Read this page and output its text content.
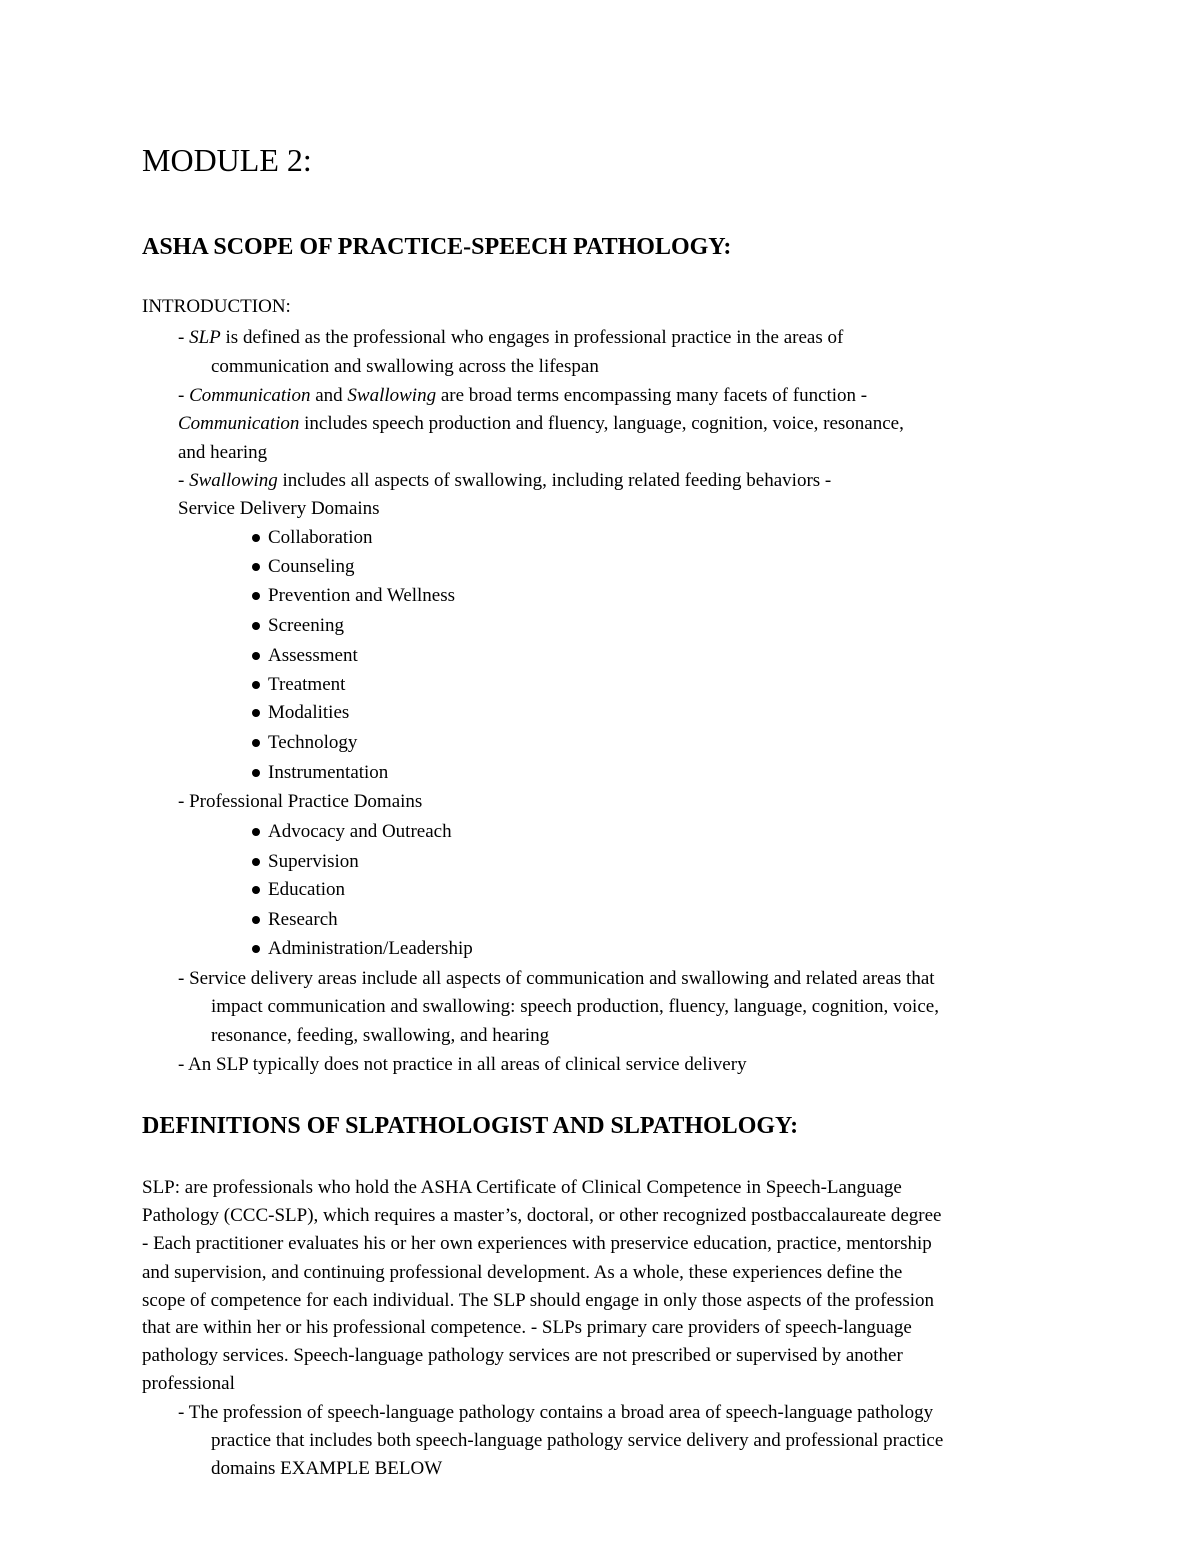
MODULE 2:
ASHA SCOPE OF PRACTICE-SPEECH PATHOLOGY:
INTRODUCTION:
- SLP is defined as the professional who engages in professional practice in the areas of
communication and swallowing across the lifespan
- Communication and Swallowing are broad terms encompassing many facets of function -
Communication includes speech production and fluency, language, cognition, voice, resonance,
and hearing
- Swallowing includes all aspects of swallowing, including related feeding behaviors -
Service Delivery Domains
Collaboration
Counseling
Prevention and Wellness
Screening
Assessment
Treatment
Modalities
Technology
Instrumentation
- Professional Practice Domains
Advocacy and Outreach
Supervision
Education
Research
Administration/Leadership
- Service delivery areas include all aspects of communication and swallowing and related areas that
impact communication and swallowing: speech production, fluency, language, cognition, voice,
resonance, feeding, swallowing, and hearing
- An SLP typically does not practice in all areas of clinical service delivery
DEFINITIONS OF SLPATHOLOGIST AND SLPATHOLOGY:
SLP: are professionals who hold the ASHA Certificate of Clinical Competence in Speech-Language
Pathology (CCC-SLP), which requires a master’s, doctoral, or other recognized postbaccalaureate degree
- Each practitioner evaluates his or her own experiences with preservice education, practice, mentorship
and supervision, and continuing professional development. As a whole, these experiences define the
scope of competence for each individual. The SLP should engage in only those aspects of the profession
that are within her or his professional competence. - SLPs primary care providers of speech-language
pathology services. Speech-language pathology services are not prescribed or supervised by another
professional
- The profession of speech-language pathology contains a broad area of speech-language pathology
practice that includes both speech-language pathology service delivery and professional practice
domains EXAMPLE BELOW
